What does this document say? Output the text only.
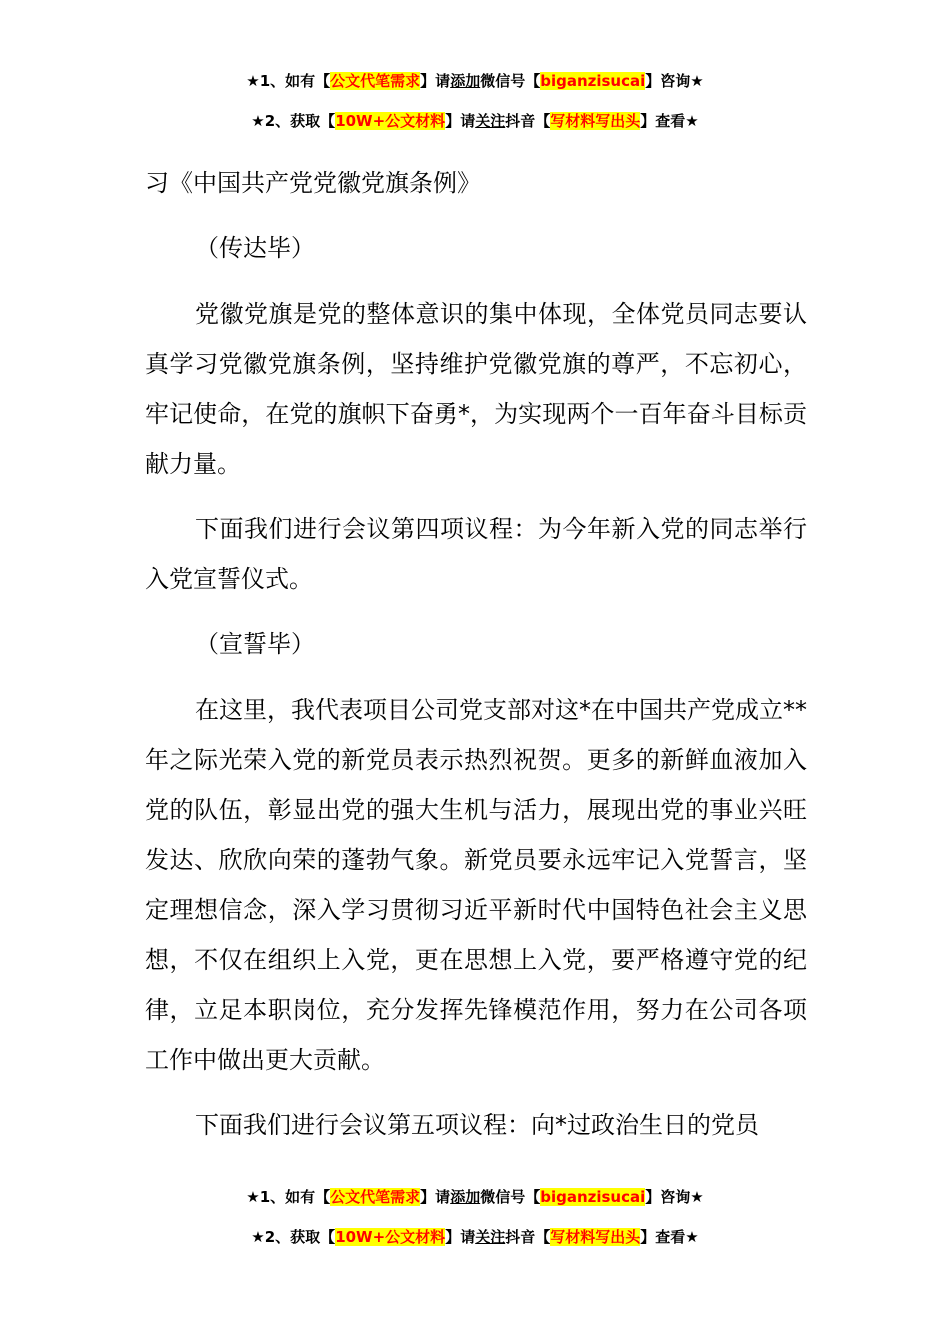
★1、如有【公文代笔需求】请添加微信号【biganzisucai】咨询★
★2、获取【10W+公文材料】请关注抖音【写材料写出头】查看★
习《中国共产党党徽党旗条例》
（传达毕）
党徽党旗是党的整体意识的集中体现，全体党员同志要认真学习党徽党旗条例，坚持维护党徽党旗的尊严，不忘初心，牢记使命，在党的旗帜下奋勇*，为实现两个一百年奋斗目标贡献力量。
下面我们进行会议第四项议程：为今年新入党的同志举行入党宣誓仪式。
（宣誓毕）
在这里，我代表项目公司党支部对这*在中国共产党成立**年之际光荣入党的新党员表示热烈祝贺。更多的新鲜血液加入党的队伍，彰显出党的强大生机与活力，展现出党的事业兴旺发达、欣欣向荣的蓬勃气象。新党员要永远牢记入党誓言，坚定理想信念，深入学习贯彻习近平新时代中国特色社会主义思想，不仅在组织上入党，更在思想上入党，要严格遵守党的纪律，立足本职岗位，充分发挥先锋模范作用，努力在公司各项工作中做出更大贡献。
下面我们进行会议第五项议程：向*过政治生日的党员
★1、如有【公文代笔需求】请添加微信号【biganzisucai】咨询★
★2、获取【10W+公文材料】请关注抖音【写材料写出头】查看★
